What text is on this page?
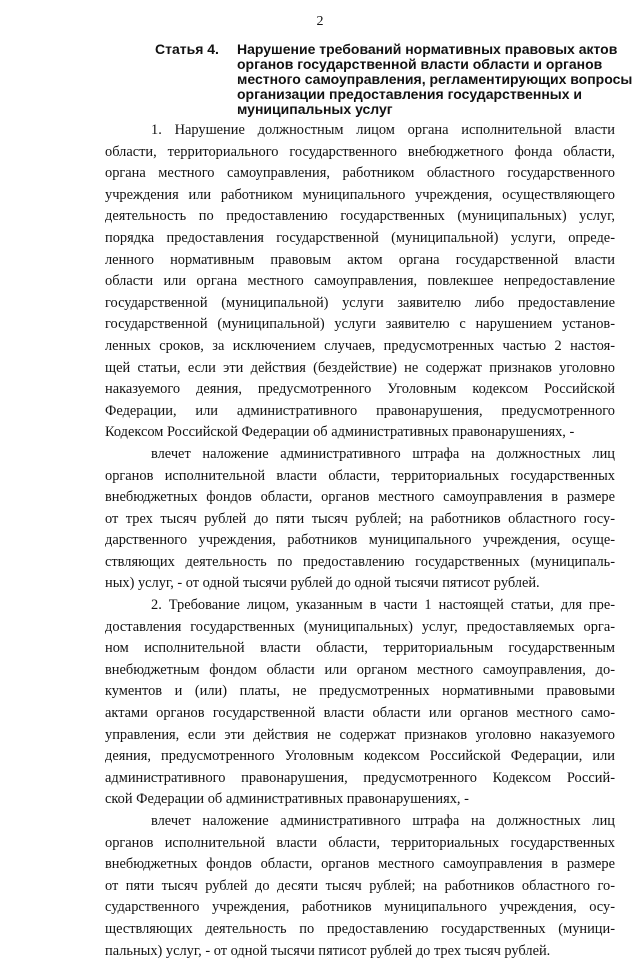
2
Статья 4.	Нарушение требований нормативных правовых актов
органов государственной власти области и органов
местного самоуправления, регламентирующих вопросы
организации предоставления государственных и
муниципальных услуг

1. Нарушение должностным лицом органа исполнительной власти
области, территориального государственного внебюджетного фонда области,
органа местного самоуправления, работником областного государственного
учреждения или работником муниципального учреждения, осуществляющего
деятельность по предоставлению государственных (муниципальных) услуг,
порядка предоставления государственной (муниципальной) услуги, опреде-
ленного нормативным правовым актом органа государственной власти
области или органа местного самоуправления, повлекшее непредоставление
государственной (муниципальной) услуги заявителю либо предоставление
государственной (муниципальной) услуги заявителю с нарушением установ-
ленных сроков, за исключением случаев, предусмотренных частью 2 настоя-
щей статьи, если эти действия (бездействие) не содержат признаков уголовно
наказуемого деяния, предусмотренного Уголовным кодексом Российской
Федерации, или административного правонарушения, предусмотренного
Кодексом Российской Федерации об административных правонарушениях, -

влечет наложение административного штрафа на должностных лиц
органов исполнительной власти области, территориальных государственных
внебюджетных фондов области, органов местного самоуправления в размере
от трех тысяч рублей до пяти тысяч рублей; на работников областного госу-
дарственного учреждения, работников муниципального учреждения, осуще-
ствляющих деятельность по предоставлению государственных (муниципаль-
ных) услуг, - от одной тысячи рублей до одной тысячи пятисот рублей.

2. Требование лицом, указанным в части 1 настоящей статьи, для пре-
доставления государственных (муниципальных) услуг, предоставляемых орга-
ном исполнительной власти области, территориальным государственным
внебюджетным фондом области или органом местного самоуправления, до-
кументов и (или) платы, не предусмотренных нормативными правовыми
актами органов государственной власти области или органов местного само-
управления, если эти действия не содержат признаков уголовно наказуемого
деяния, предусмотренного Уголовным кодексом Российской Федерации, или
административного правонарушения, предусмотренного Кодексом Россий-
ской Федерации об административных правонарушениях, -

влечет наложение административного штрафа на должностных лиц
органов исполнительной власти области, территориальных государственных
внебюджетных фондов области, органов местного самоуправления в размере
от пяти тысяч рублей до десяти тысяч рублей; на работников областного го-
сударственного учреждения, работников муниципального учреждения, осу-
ществляющих деятельность по предоставлению государственных (муници-
пальных) услуг, - от одной тысячи пятисот рублей до трех тысяч рублей.
